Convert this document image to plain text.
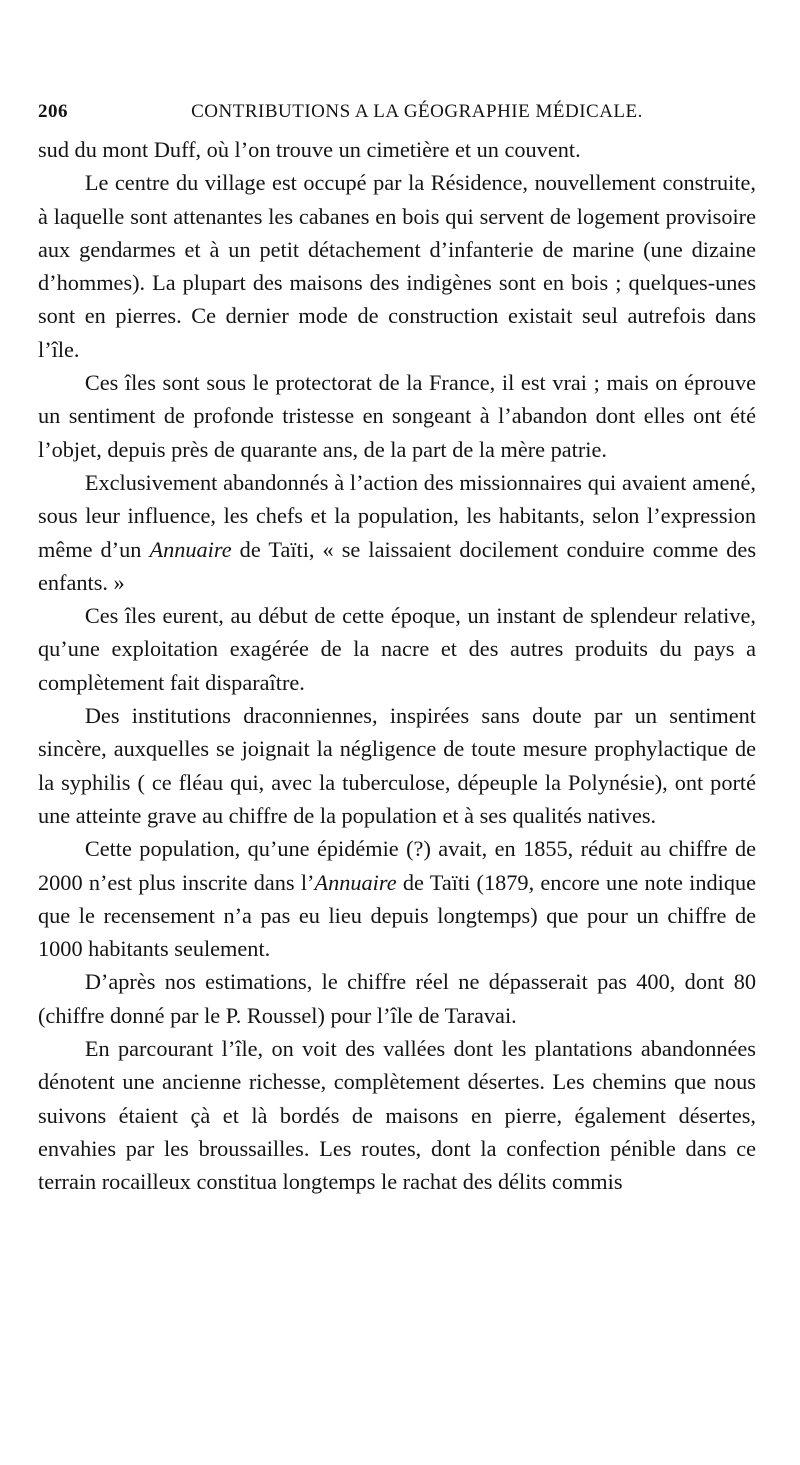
206	CONTRIBUTIONS A LA GÉOGRAPHIE MÉDICALE.

sud du mont Duff, où l’on trouve un cimetière et un couvent.

Le centre du village est occupé par la Résidence, nouvellement construite, à laquelle sont attenantes les cabanes en bois qui servent de logement provisoire aux gendarmes et à un petit détachement d’infanterie de marine (une dizaine d’hommes). La plupart des maisons des indigènes sont en bois ; quelques-unes sont en pierres. Ce dernier mode de construction existait seul autrefois dans l’île.

Ces îles sont sous le protectorat de la France, il est vrai ; mais on éprouve un sentiment de profonde tristesse en songeant à l’abandon dont elles ont été l’objet, depuis près de quarante ans, de la part de la mère patrie.

Exclusivement abandonnés à l’action des missionnaires qui avaient amené, sous leur influence, les chefs et la population, les habitants, selon l’expression même d’un Annuaire de Taïti, « se laissaient docilement conduire comme des enfants. »

Ces îles eurent, au début de cette époque, un instant de splendeur relative, qu’une exploitation exagérée de la nacre et des autres produits du pays a complètement fait disparaître.

Des institutions draconniennes, inspirées sans doute par un sentiment sincère, auxquelles se joignait la négligence de toute mesure prophylactique de la syphilis ( ce fléau qui, avec la tuberculose, dépeuple la Polynésie), ont porté une atteinte grave au chiffre de la population et à ses qualités natives.

Cette population, qu’une épidémie (?) avait, en 1855, réduit au chiffre de 2000 n’est plus inscrite dans l’Annuaire de Taïti (1879, encore une note indique que le recensement n’a pas eu lieu depuis longtemps) que pour un chiffre de 1000 habitants seulement.

D’après nos estimations, le chiffre réel ne dépasserait pas 400, dont 80 (chiffre donné par le P. Roussel) pour l’île de Taravai.

En parcourant l’île, on voit des vallées dont les plantations abandonnées dénotent une ancienne richesse, complètement désertes. Les chemins que nous suivons étaient çà et là bordés de maisons en pierre, également désertes, envahies par les broussailles. Les routes, dont la confection pénible dans ce terrain rocailleux constitua longtemps le rachat des délits commis
